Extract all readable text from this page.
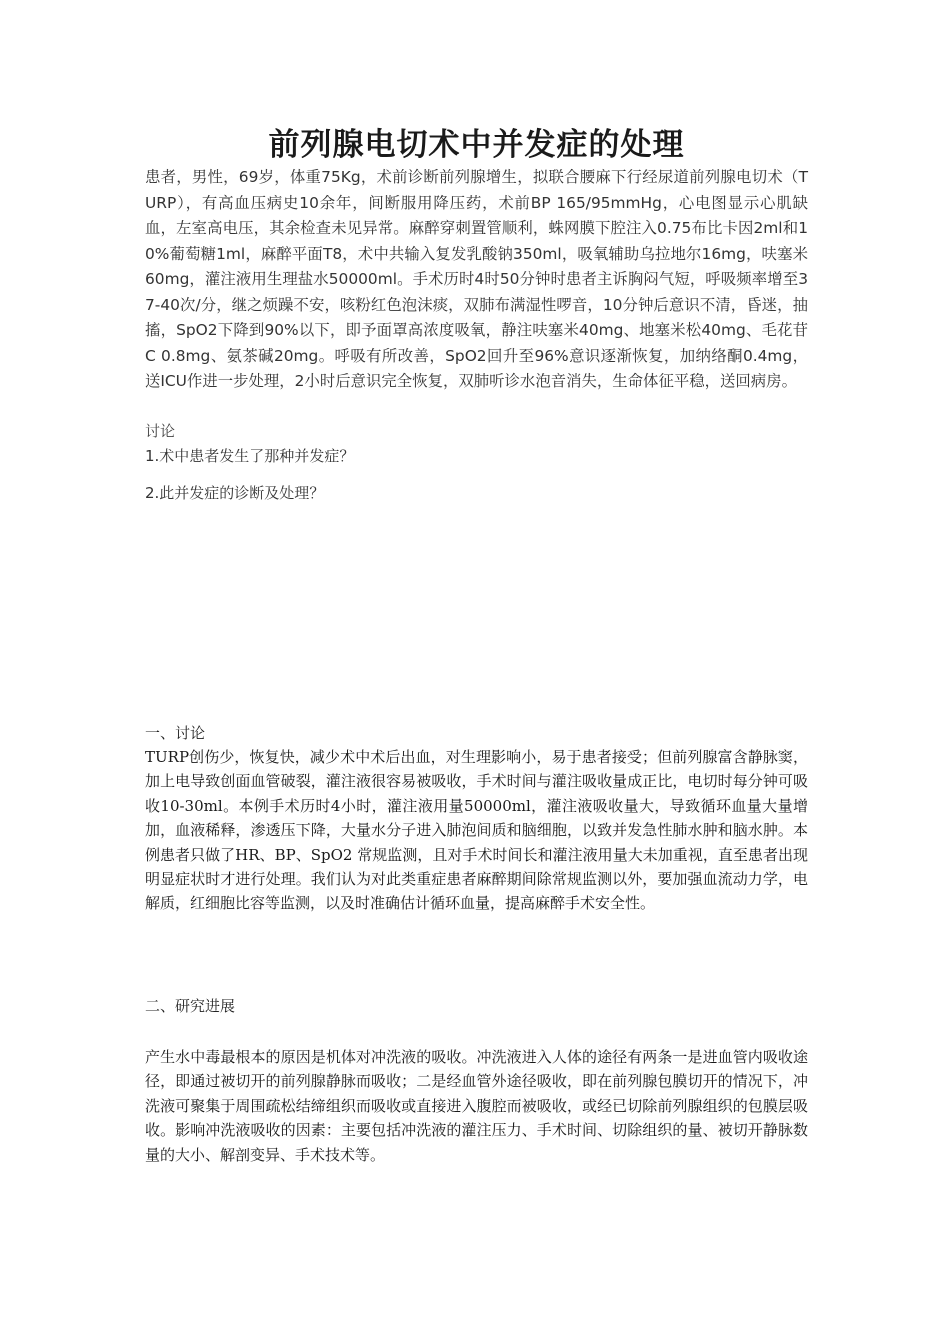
前列腺电切术中并发症的处理

患者，男性，69岁，体重75Kg，术前诊断前列腺增生，拟联合腰麻下行经尿道前列腺电切术（TURP），有高血压病史10余年，间断服用降压药，术前BP 165/95mmHg，心电图显示心肌缺血，左室高电压，其余检查未见异常。麻醉穿刺置管顺利，蛛网膜下腔注入0.75布比卡因2ml和10%葡萄糖1ml，麻醉平面T8，术中共输入复发乳酸钠350ml，吸氧辅助乌拉地尔16mg，呋塞米60mg，灌注液用生理盐水50000ml。手术历时4时50分钟时患者主诉胸闷气短，呼吸频率增至37-40次/分，继之烦躁不安，咳粉红色泡沫痰，双肺布满湿性啰音，10分钟后意识不清，昏迷，抽搐，SpO2下降到90%以下，即予面罩高浓度吸氧，静注呋塞米40mg、地塞米松40mg、毛花苷C 0.8mg、氨茶碱20mg。呼吸有所改善，SpO2回升至96%意识逐渐恢复，加纳络酮0.4mg，送ICU作进一步处理，2小时后意识完全恢复，双肺听诊水泡音消失，生命体征平稳，送回病房。

讨论

1.术中患者发生了那种并发症？

2.此并发症的诊断及处理？

一、讨论

TURP创伤少，恢复快，减少术中术后出血，对生理影响小，易于患者接受；但前列腺富含静脉窦，加上电导致创面血管破裂，灌注液很容易被吸收，手术时间与灌注吸收量成正比，电切时每分钟可吸收10-30ml。本例手术历时4小时，灌注液用量50000ml，灌注液吸收量大，导致循环血量大量增加，血液稀释，渗透压下降，大量水分子进入肺泡间质和脑细胞，以致并发急性肺水肿和脑水肿。本例患者只做了HR、BP、SpO2 常规监测，且对手术时间长和灌注液用量大未加重视，直至患者出现明显症状时才进行处理。我们认为对此类重症患者麻醉期间除常规监测以外，要加强血流动力学，电解质，红细胞比容等监测，以及时准确估计循环血量，提高麻醉手术安全性。

二、研究进展

产生水中毒最根本的原因是机体对冲洗液的吸收。冲洗液进入人体的途径有两条一是进血管内吸收途径，即通过被切开的前列腺静脉而吸收；二是经血管外途径吸收，即在前列腺包膜切开的情况下，冲洗液可聚集于周围疏松结缔组织而吸收或直接进入腹腔而被吸收，或经已切除前列腺组织的包膜层吸收。影响冲洗液吸收的因素：主要包括冲洗液的灌注压力、手术时间、切除组织的量、被切开静脉数量的大小、解剖变异、手术技术等。
